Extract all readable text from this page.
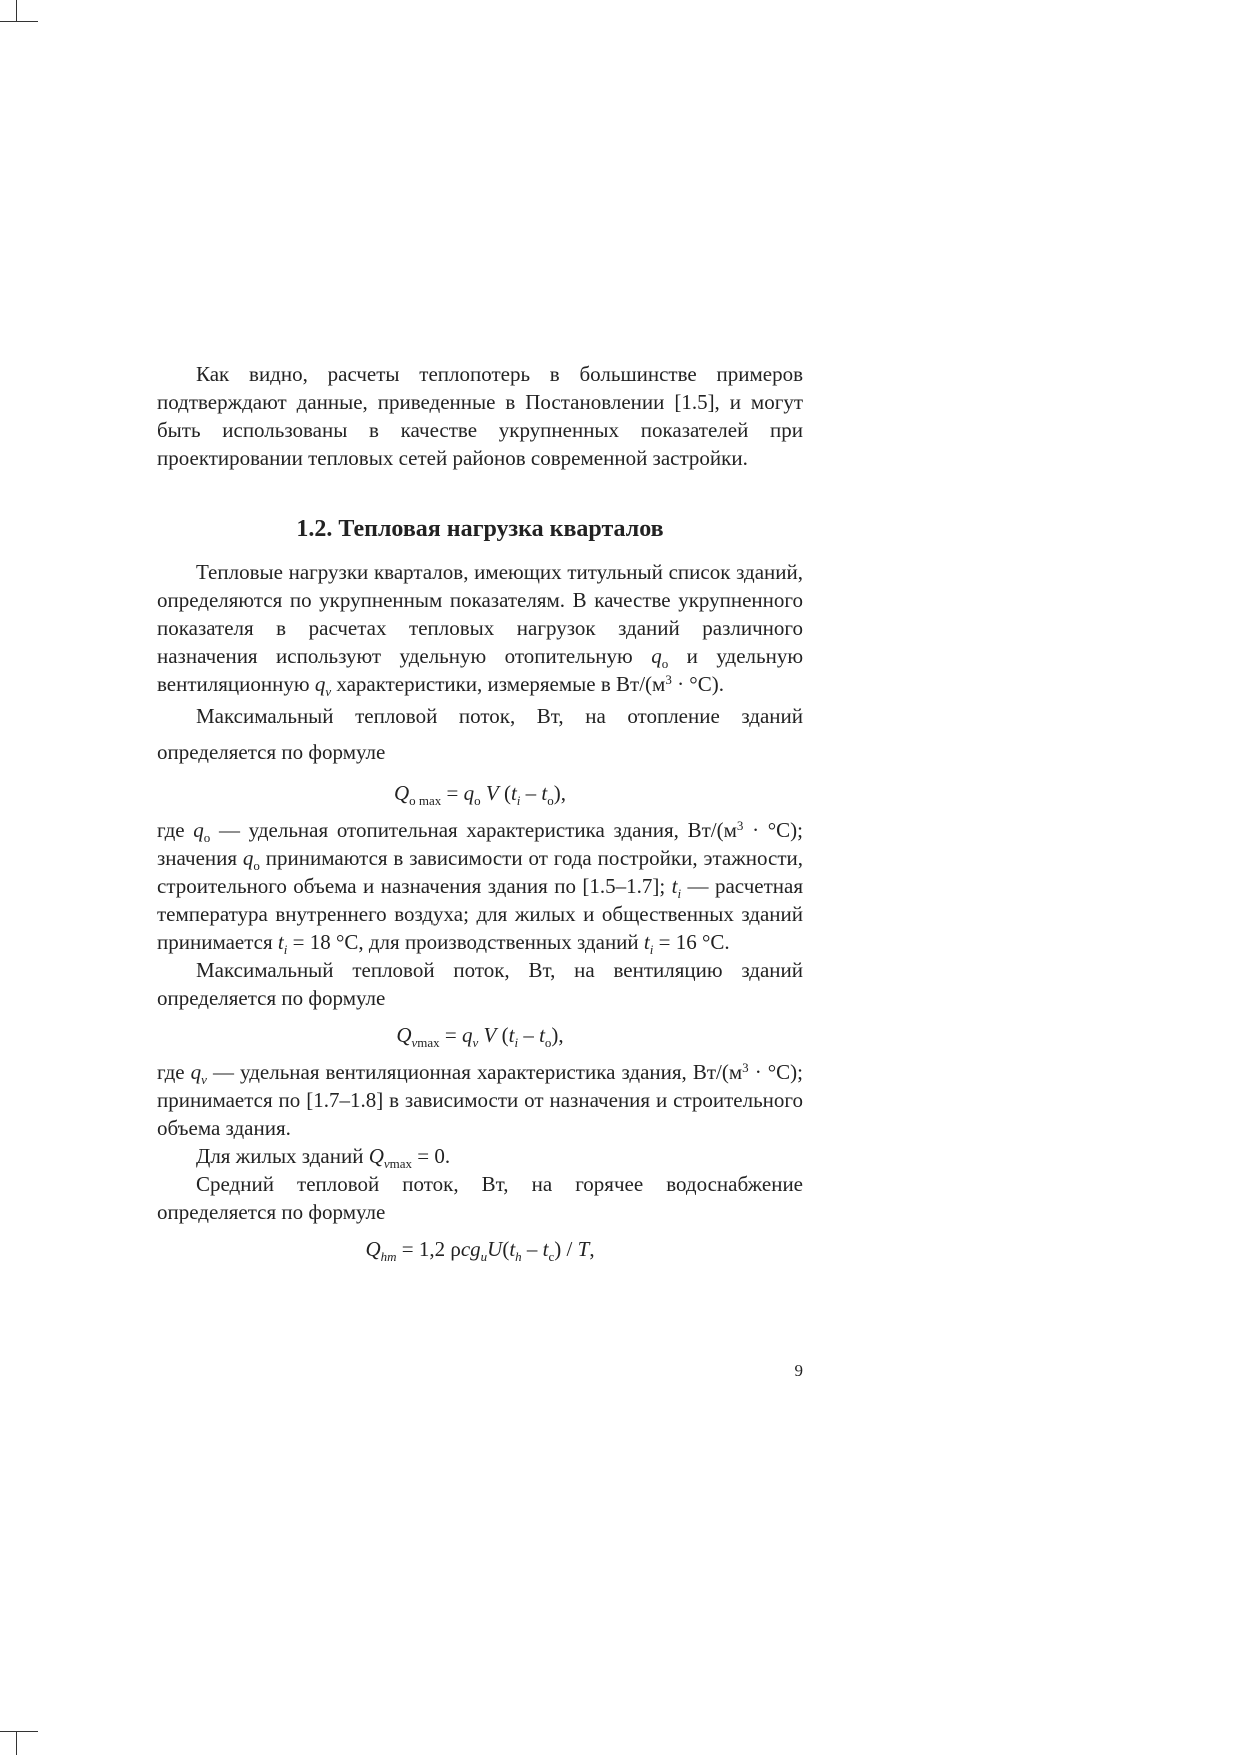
Как видно, расчеты теплопотерь в большинстве примеров подтверждают данные, приведенные в Постановлении [1.5], и могут быть использованы в качестве укрупненных показателей при проектировании тепловых сетей районов современной застройки.

1.2. Тепловая нагрузка кварталов

Тепловые нагрузки кварталов, имеющих титульный список зданий, определяются по укрупненным показателям. В качестве укрупненного показателя в расчетах тепловых нагрузок зданий различного назначения используют удельную отопительную $q_o$ и удельную вентиляционную $q_v$ характеристики, измеряемые в $Вт/(м^3 \cdot ^\circ С)$.

Максимальный тепловой поток, Вт, на отопление зданий определяется по формуле

$Q_{o max} = q_o$ V $(t_i - t_o)$,

где $q_o$ — удельная отопительная характеристика здания, $Вт/(м^3 \cdot ^\circ С)$; значения $q_o$ принимаются в зависимости от года постройки, этажности, строительного объема и назначения здания по [1.5–1.7]; $t_i$ — расчетная температура внутреннего воздуха; для жилых и общественных зданий принимается $t_i = 18$ °С, для производственных зданий $t_i = 16$ °С.

Максимальный тепловой поток, Вт, на вентиляцию зданий определяется по формуле

$Q_{vmax} = q_v$ V $(t_i - t_o)$,

где $q_v$ — удельная вентиляционная характеристика здания, $Вт/(м^3 \cdot ^\circ С)$; принимается по [1.7–1.8] в зависимости от назначения и строительного объема здания.

Для жилых зданий $Q_{vmax} = 0$.

Средний тепловой поток, Вт, на горячее водоснабжение определяется по формуле

$Q_{hm} = 1,2$ $\rho cg_uU(t_h - t_c)$ / T,
9
